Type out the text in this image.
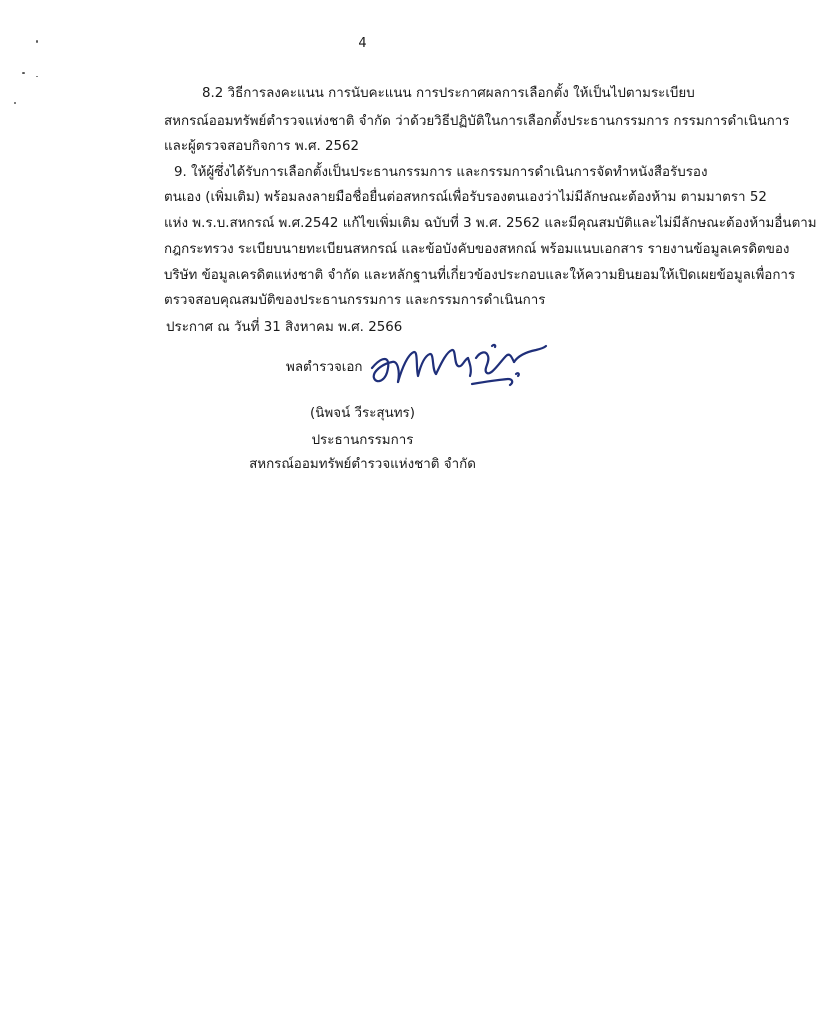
4
8.2 วิธีการลงคะแนน การนับคะแนน การประกาศผลการเลือกตั้ง ให้เป็นไปตามระเบียบ
สหกรณ์ออมทรัพย์ตำรวจแห่งชาติ จำกัด ว่าด้วยวิธีปฏิบัติในการเลือกตั้งประธานกรรมการ กรรมการดำเนินการ
และผู้ตรวจสอบกิจการ พ.ศ. 2562
9. ให้ผู้ซึ่งได้รับการเลือกตั้งเป็นประธานกรรมการ และกรรมการดำเนินการจัดทำหนังสือรับรอง
ตนเอง (เพิ่มเติม) พร้อมลงลายมือชื่อยื่นต่อสหกรณ์เพื่อรับรองตนเองว่าไม่มีลักษณะต้องห้าม ตามมาตรา 52
แห่ง พ.ร.บ.สหกรณ์ พ.ศ.2542 แก้ไขเพิ่มเติม ฉบับที่ 3 พ.ศ. 2562 และมีคุณสมบัติและไม่มีลักษณะต้องห้ามอื่นตาม
กฎกระทรวง ระเบียบนายทะเบียนสหกรณ์ และข้อบังคับของสหกณ์ พร้อมแนบเอกสาร รายงานข้อมูลเครดิตของ
บริษัท ข้อมูลเครดิตแห่งชาติ จำกัด และหลักฐานที่เกี่ยวข้องประกอบและให้ความยินยอมให้เปิดเผยข้อมูลเพื่อการ
ตรวจสอบคุณสมบัติของประธานกรรมการ และกรรมการดำเนินการ
ประกาศ ณ วันที่ 31 สิงหาคม พ.ศ. 2566
พลตำรวจเอก
(นิพจน์ วีระสุนทร)
ประธานกรรมการ
สหกรณ์ออมทรัพย์ตำรวจแห่งชาติ จำกัด
